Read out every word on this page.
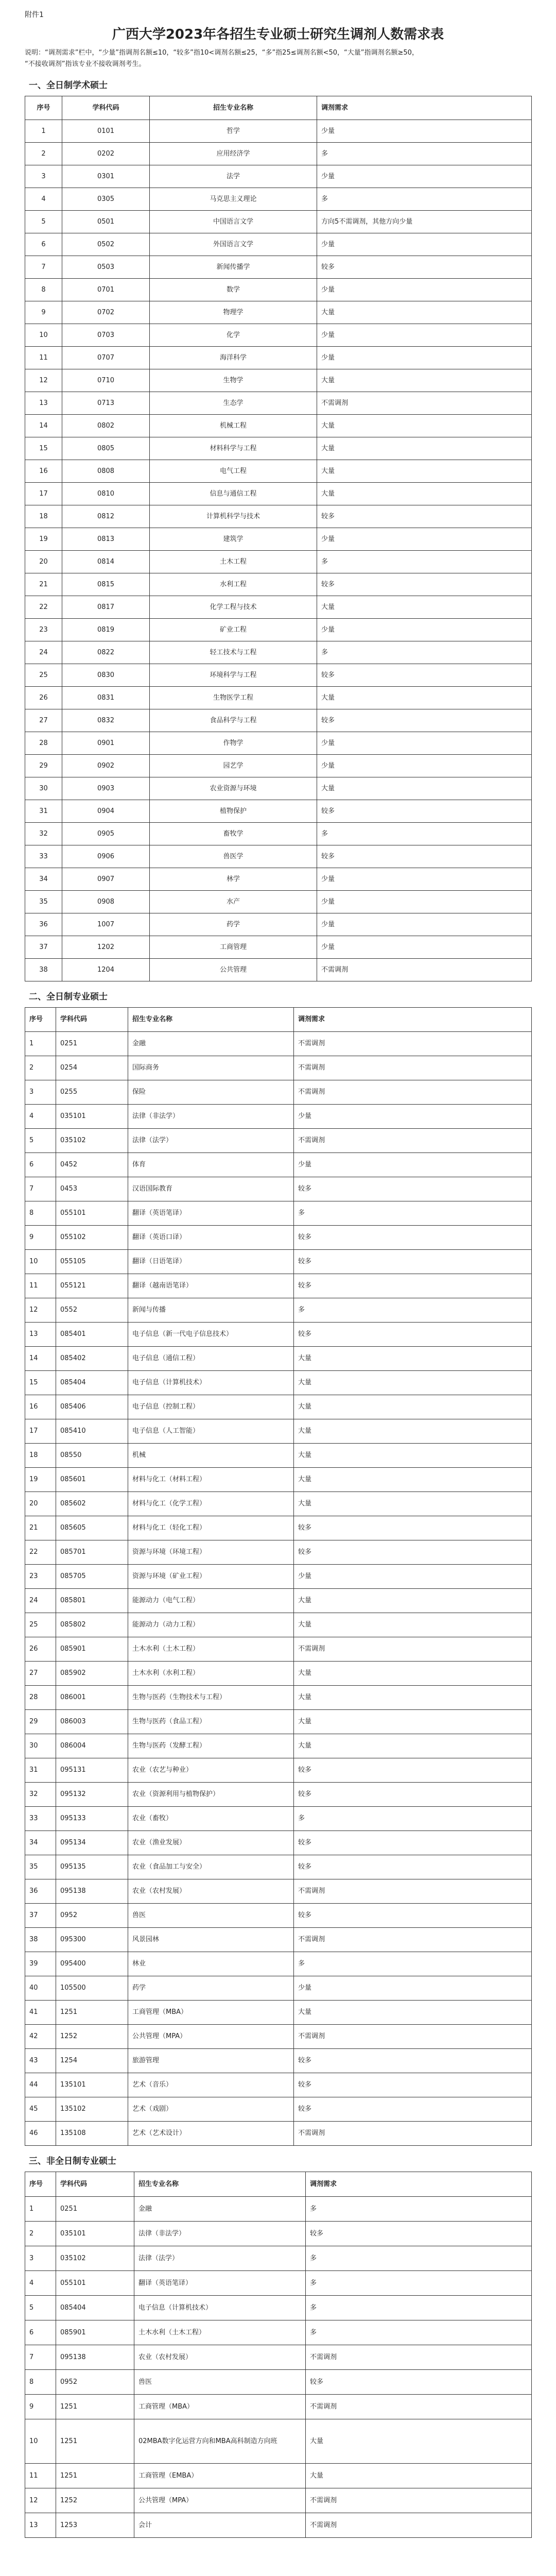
附件1
广西大学2023年各招生专业硕士研究生调剂人数需求表

说明：“调剂需求”栏中，“少量”指调剂名额≤10，“较多”指10<调剂名额≤25，“多”指25≤调剂名额<50，“大量”指调剂名额≥50，

“不接收调剂”指该专业不接收调剂考生。

一、全日制学术硕士
序号	学科代码	招生专业名称	调剂需求
1	0101	哲学	少量
2	0202	应用经济学	多
3	0301	法学	少量
4	0305	马克思主义理论	多
5	0501	中国语言文学	方向5不需调剂，其他方向少量
6	0502	外国语言文学	少量
7	0503	新闻传播学	较多
8	0701	数学	少量
9	0702	物理学	大量
10	0703	化学	少量
11	0707	海洋科学	少量
12	0710	生物学	大量
13	0713	生态学	不需调剂
14	0802	机械工程	大量
15	0805	材料科学与工程	大量
16	0808	电气工程	大量
17	0810	信息与通信工程	大量
18	0812	计算机科学与技术	较多
19	0813	建筑学	少量
20	0814	土木工程	多
21	0815	水利工程	较多
22	0817	化学工程与技术	大量
23	0819	矿业工程	少量
24	0822	轻工技术与工程	多
25	0830	环境科学与工程	较多
26	0831	生物医学工程	大量
27	0832	食品科学与工程	较多
28	0901	作物学	少量
29	0902	园艺学	少量
30	0903	农业资源与环境	大量
31	0904	植物保护	较多
32	0905	畜牧学	多
33	0906	兽医学	较多
34	0907	林学	少量
35	0908	水产	少量
36	1007	药学	少量
37	1202	工商管理	少量
38	1204	公共管理	不需调剂
二、全日制专业硕士
序号	学科代码	招生专业名称	调剂需求
1	0251	金融	不需调剂
2	0254	国际商务	不需调剂
3	0255	保险	不需调剂
4	035101	法律（非法学）	少量
5	035102	法律（法学）	不需调剂
6	0452	体育	少量
7	0453	汉语国际教育	较多
8	055101	翻译（英语笔译）	多
9	055102	翻译（英语口译）	较多
10	055105	翻译（日语笔译）	较多
11	055121	翻译（越南语笔译）	较多
12	0552	新闻与传播	多
13	085401	电子信息（新一代电子信息技术）	较多
14	085402	电子信息（通信工程）	大量
15	085404	电子信息（计算机技术）	大量
16	085406	电子信息（控制工程）	大量
17	085410	电子信息（人工智能）	大量
18	08550	机械	大量
19	085601	材料与化工（材料工程）	大量
20	085602	材料与化工（化学工程）	大量
21	085605	材料与化工（轻化工程）	较多
22	085701	资源与环境（环境工程）	较多
23	085705	资源与环境（矿业工程）	少量
24	085801	能源动力（电气工程）	大量
25	085802	能源动力（动力工程）	大量
26	085901	土木水利（土木工程）	不需调剂
27	085902	土木水利（水利工程）	大量
28	086001	生物与医药（生物技术与工程）	大量
29	086003	生物与医药（食品工程）	大量
30	086004	生物与医药（发酵工程）	大量
31	095131	农业（农艺与种业）	较多
32	095132	农业（资源利用与植物保护）	较多
33	095133	农业（畜牧）	多
34	095134	农业（渔业发展）	较多
35	095135	农业（食品加工与安全）	较多
36	095138	农业（农村发展）	不需调剂
37	0952	兽医	较多
38	095300	风景园林	不需调剂
39	095400	林业	多
40	105500	药学	少量
41	1251	工商管理（MBA）	大量
42	1252	公共管理（MPA）	不需调剂
43	1254	旅游管理	较多
44	135101	艺术（音乐）	较多
45	135102	艺术（戏剧）	较多
46	135108	艺术（艺术设计）	不需调剂
三、非全日制专业硕士
序号	学科代码	招生专业名称	调剂需求
1	0251	金融	多
2	035101	法律（非法学）	较多
3	035102	法律（法学）	多
4	055101	翻译（英语笔译）	多
5	085404	电子信息（计算机技术）	多
6	085901	土木水利（土木工程）	多
7	095138	农业（农村发展）	不需调剂
8	0952	兽医	较多
9	1251	工商管理（MBA）	不需调剂
10	1251	02MBA数字化运营方向和MBA高科制造方向班	大量
11	1251	工商管理（EMBA）	大量
12	1252	公共管理（MPA）	不需调剂
13	1253	会计	不需调剂
